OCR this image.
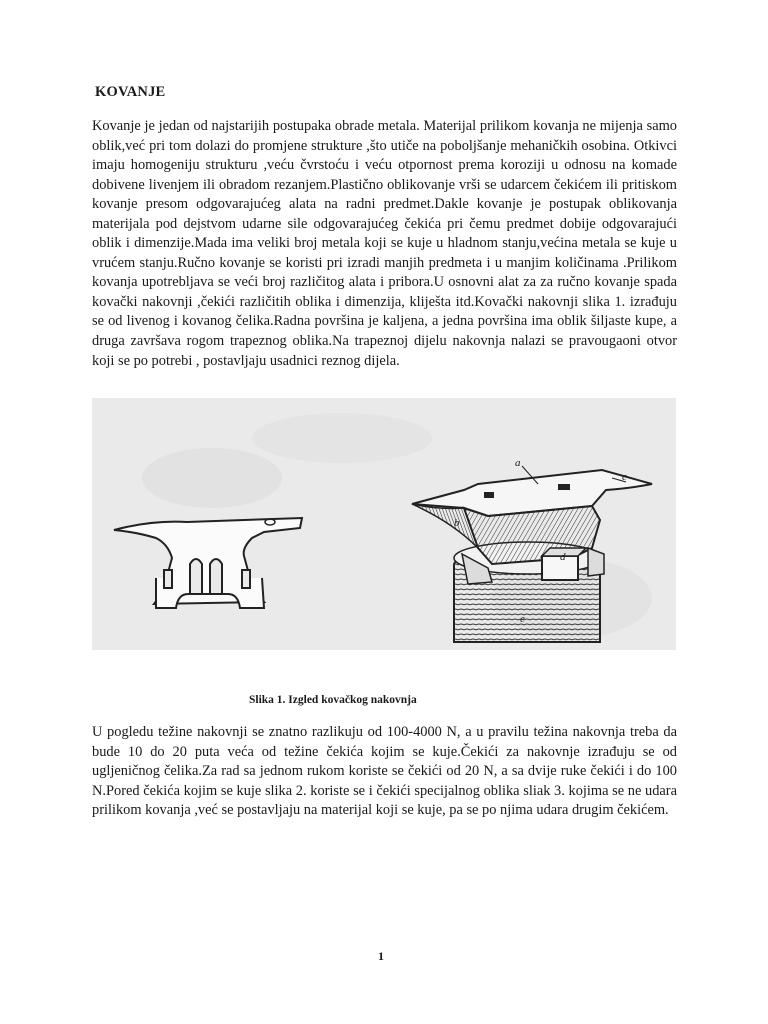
KOVANJE
Kovanje je jedan od najstarijih postupaka obrade metala. Materijal prilikom kovanja ne mijenja samo oblik,već pri tom dolazi do promjene strukture ,što utiče na poboljšanje mehaničkih osobina. Otkivci imaju homogeniju strukturu ,veću čvrstoću i veću otpornost prema koroziji u odnosu na komade dobivene livenjem ili obradom rezanjem.Plastično oblikovanje vrši se udarcem čekićem ili pritiskom kovanje presom odgovarajućeg alata na radni predmet.Dakle kovanje je postupak oblikovanja materijala pod dejstvom udarne sile odgovarajućeg čekića pri čemu predmet dobije odgovarajući oblik i dimenzije.Mada ima veliki broj metala koji se kuje u hladnom stanju,većina metala se kuje u vrućem stanju.Ručno kovanje se koristi pri izradi manjih predmeta i u manjim količinama .Prilikom kovanja upotrebljava se veći broj različitog alata i pribora.U osnovni alat za za ručno kovanje spada kovački nakovnji ,čekići različitih oblika i dimenzija, kliješta itd.Kovački nakovnji slika 1. izrađuju se od livenog i kovanog čelika.Radna površina je kaljena, a jedna površina ima oblik šiljaste kupe, a druga završava rogom trapeznog oblika.Na trapeznoj dijelu nakovnja nalazi se pravougaoni otvor koji se po potrebi , postavljaju usadnici reznog dijela.
a
b
c
d
e
Slika 1. Izgled kovačkog nakovnja
U pogledu težine nakovnji se znatno razlikuju od 100-4000 N, a u pravilu težina nakovnja treba da bude 10 do 20 puta veća od težine čekića kojim se kuje.Čekići za nakovnje izrađuju se od ugljeničnog čelika.Za rad sa jednom rukom koriste se čekići od 20 N, a sa dvije ruke čekići i do 100 N.Pored čekića kojim se kuje slika 2. koriste se i čekići specijalnog oblika sliak 3. kojima se ne udara prilikom kovanja ,već se postavljaju na materijal koji se kuje, pa se po njima udara drugim čekićem.
1
